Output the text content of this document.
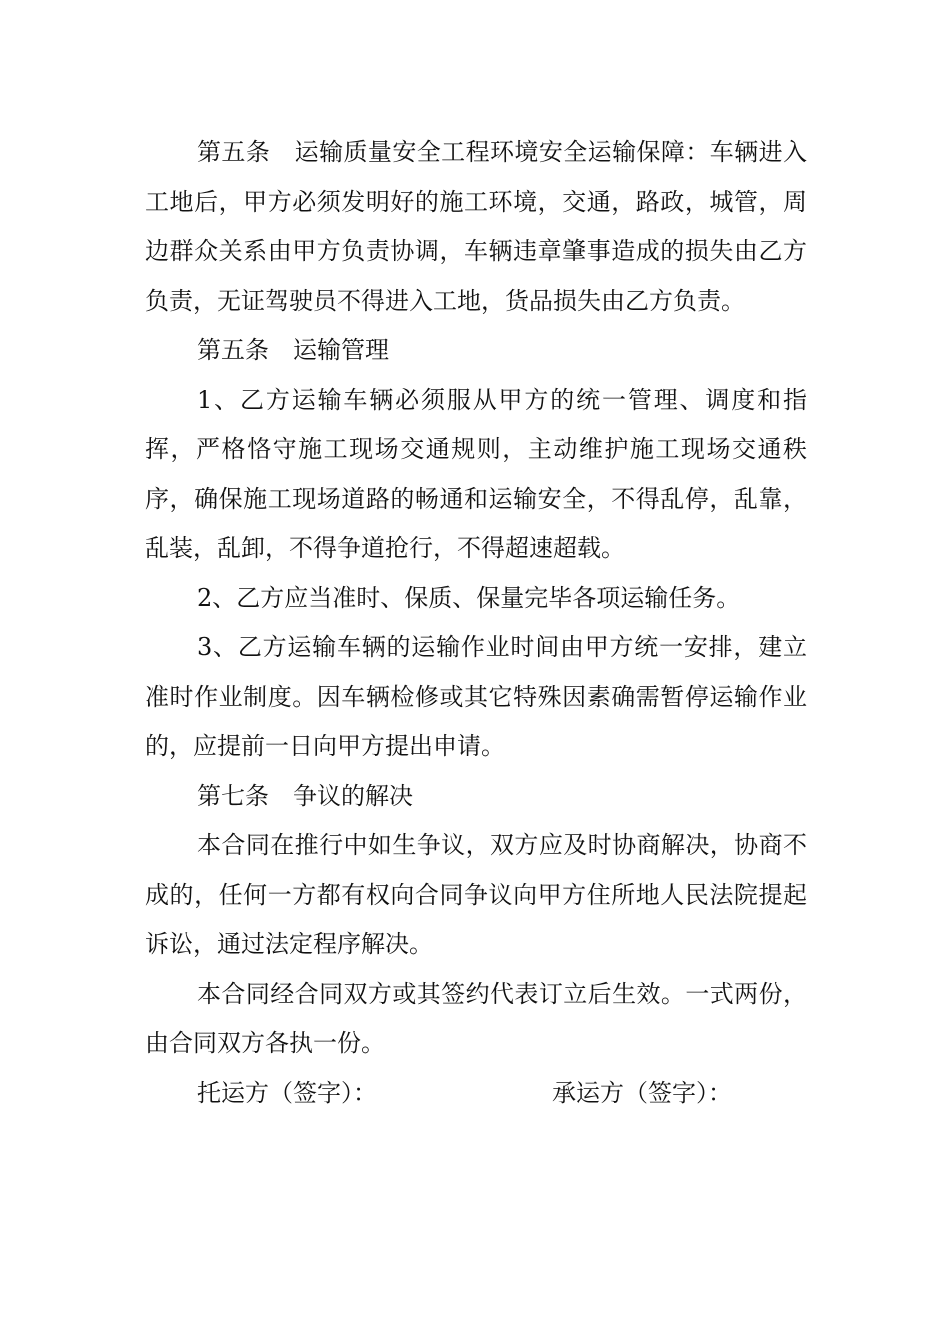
第五条　运输质量安全工程环境安全运输保障：车辆进入工地后，甲方必须发明好的施工环境，交通，路政，城管，周边群众关系由甲方负责协调，车辆违章肇事造成的损失由乙方负责，无证驾驶员不得进入工地，货品损失由乙方负责。

第五条　运输管理

1、乙方运输车辆必须服从甲方的统一管理、调度和指挥，严格恪守施工现场交通规则，主动维护施工现场交通秩序，确保施工现场道路的畅通和运输安全，不得乱停，乱靠，乱装，乱卸，不得争道抢行，不得超速超载。

2、乙方应当准时、保质、保量完毕各项运输任务。

3、乙方运输车辆的运输作业时间由甲方统一安排，建立准时作业制度。因车辆检修或其它特殊因素确需暂停运输作业的，应提前一日向甲方提出申请。

第七条　争议的解决

本合同在推行中如生争议，双方应及时协商解决，协商不成的，任何一方都有权向合同争议向甲方住所地人民法院提起诉讼，通过法定程序解决。

本合同经合同双方或其签约代表订立后生效。一式两份，由合同双方各执一份。

托运方（签字）：	承运方（签字）：
